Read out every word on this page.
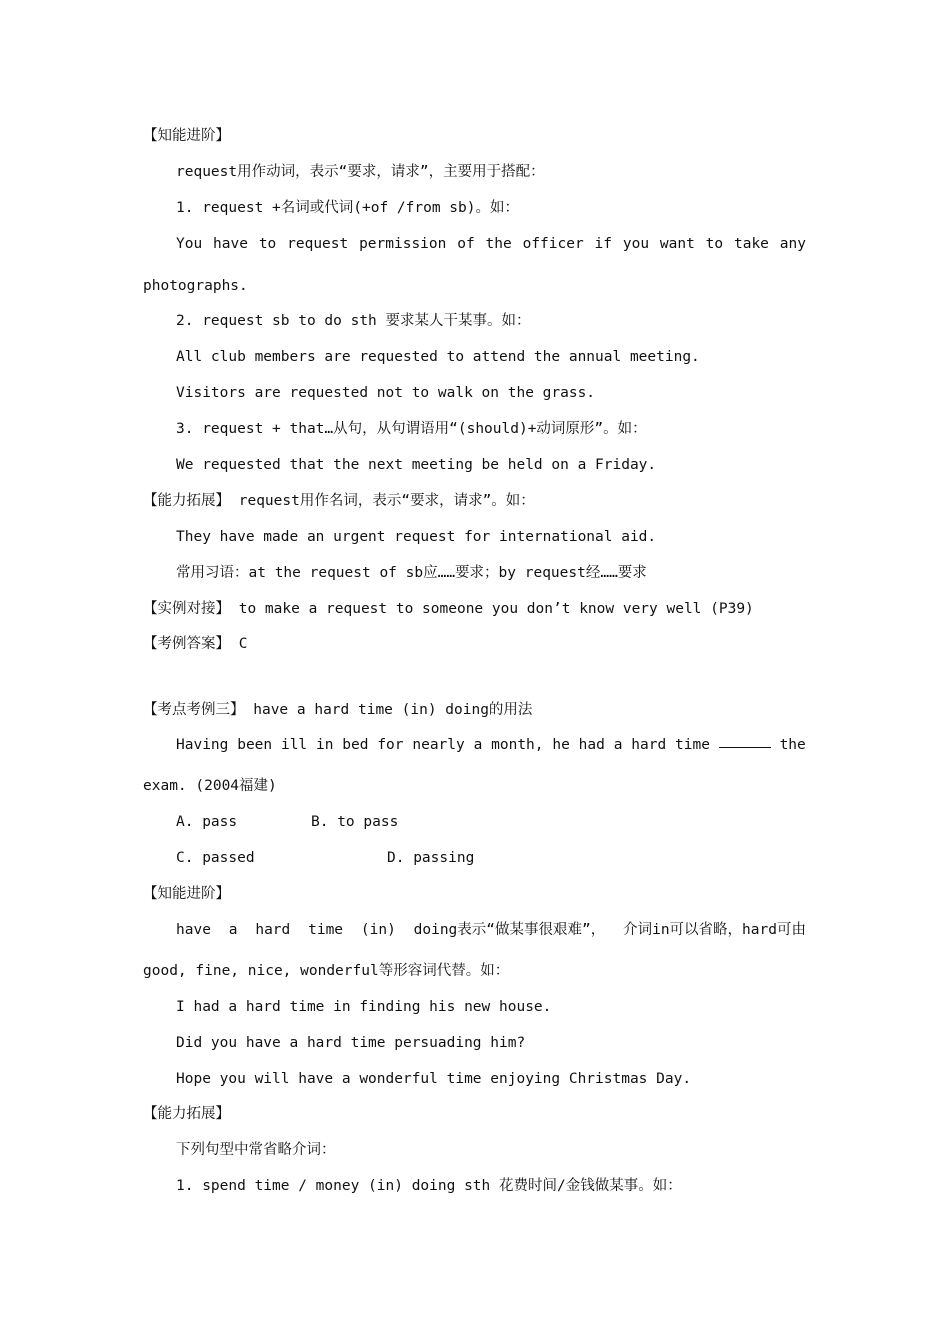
【知能进阶】
request用作动词，表示“要求，请求”，主要用于搭配：
1. request +名词或代词(+of /from sb)。如：
You have to request permission of the officer if you want to take any
photographs.
2. request sb to do sth 要求某人干某事。如：
All club members are requested to attend the annual meeting.
Visitors are requested not to walk on the grass.
3. request + that…从句，从句谓语用“(should)+动词原形”。如：
We requested that the next meeting be held on a Friday.
【能力拓展】 request用作名词，表示“要求，请求”。如：
They have made an urgent request for international aid.
常用习语：at the request of sb应……要求；by request经……要求
【实例对接】 to make a request to someone you don’t know very well (P39)
【考例答案】 C
【考点考例三】 have a hard time (in) doing的用法
Having been ill in bed for nearly a month, he had a hard time	the
exam. (2004福建)
A. pass	B. to pass
C. passed	D. passing
【知能进阶】
have a hard time (in) doing表示“做某事很艰难”， 介词in可以省略，hard可由
good, fine, nice, wonderful等形容词代替。如：
I had a hard time in finding his new house.
Did you have a hard time persuading him?
Hope you will have a wonderful time enjoying Christmas Day.
【能力拓展】
下列句型中常省略介词：
1. spend time / money (in) doing sth 花费时间/金钱做某事。如：
